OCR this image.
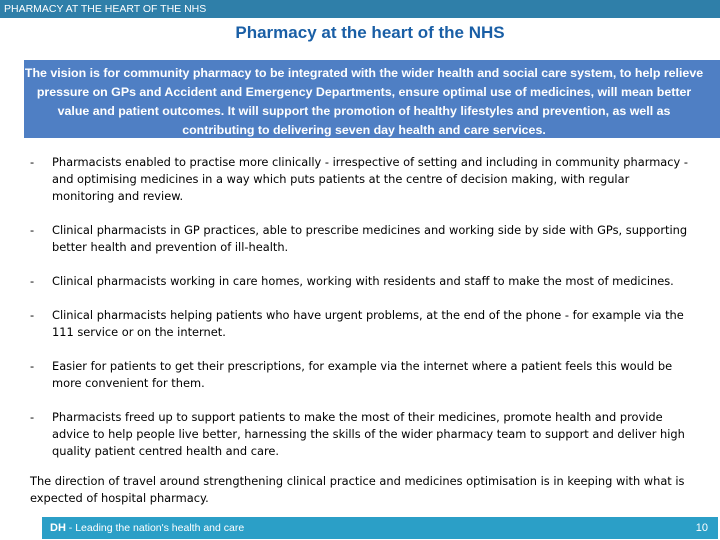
PHARMACY AT THE HEART OF THE NHS
Pharmacy at the heart of the NHS
The vision is for community pharmacy to be integrated with the wider health and social care system, to help relieve pressure on GPs and Accident and Emergency Departments, ensure optimal use of medicines, will mean better value and patient outcomes. It will support the promotion of healthy lifestyles and prevention, as well as contributing to delivering seven day health and care services.
- Pharmacists enabled to practise more clinically - irrespective of setting and including in community pharmacy - and optimising medicines in a way which puts patients at the centre of decision making, with regular monitoring and review.
- Clinical pharmacists in GP practices, able to prescribe medicines and working side by side with GPs, supporting better health and prevention of ill-health.
- Clinical pharmacists working in care homes, working with residents and staff to make the most of medicines.
- Clinical pharmacists helping patients who have urgent problems, at the end of the phone - for example via the 111 service or on the internet.
- Easier for patients to get their prescriptions, for example via the internet where a patient feels this would be more convenient for them.
- Pharmacists freed up to support patients to make the most of their medicines, promote health and provide advice to help people live better, harnessing the skills of the wider pharmacy team to support and deliver high quality patient centred health and care.
The direction of travel around strengthening clinical practice and medicines optimisation is in keeping with what is expected of hospital pharmacy.
DH - Leading the nation's health and care	10
